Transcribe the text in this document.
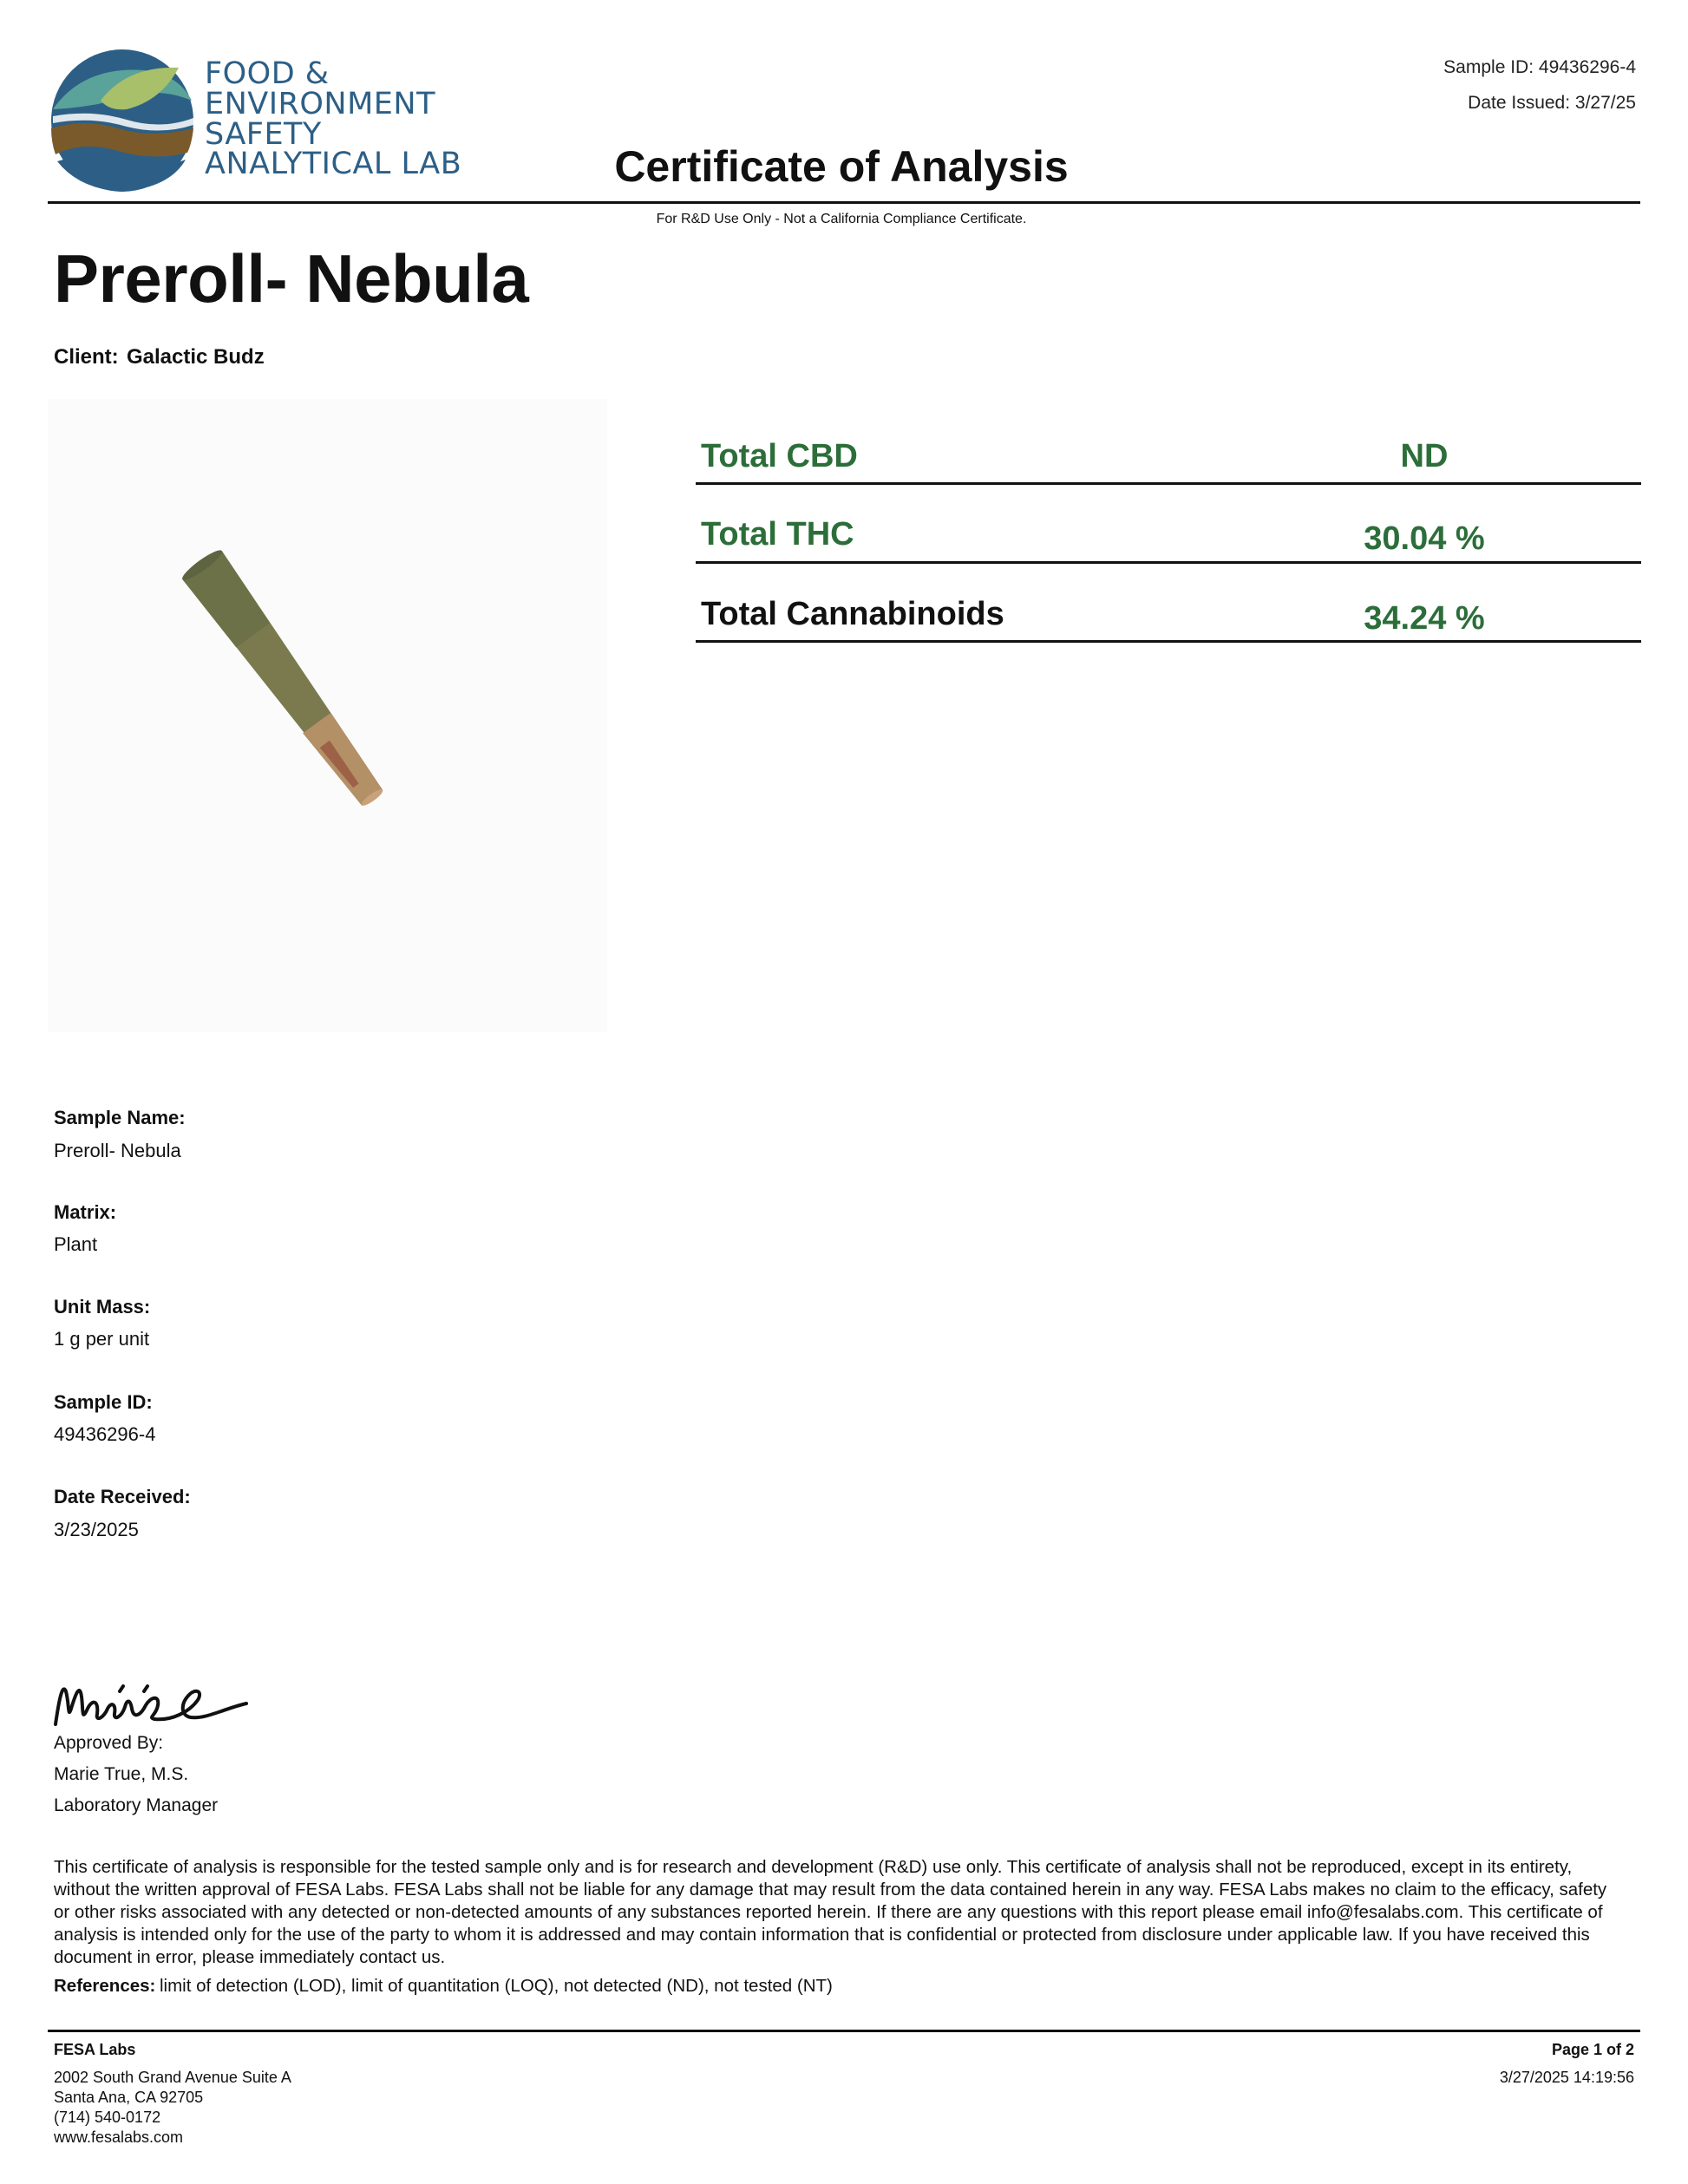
FOOD &
ENVIRONMENT
SAFETY
ANALYTICAL LAB
Sample ID: 49436296-4
Date Issued: 3/27/25
Certificate of Analysis
For R&D Use Only - Not a California Compliance Certificate.
Preroll- Nebula
Client: Galactic Budz
Total CBD	ND
Total THC	30.04 %
Total Cannabinoids	34.24 %
Sample Name:
Preroll- Nebula
Matrix:
Plant
Unit Mass:
1 g per unit
Sample ID:
49436296-4
Date Received:
3/23/2025
Approved By:
Marie True, M.S.
Laboratory Manager
This certificate of analysis is responsible for the tested sample only and is for research and development (R&D) use only. This certificate of analysis shall not be reproduced, except in its entirety, without the written approval of FESA Labs. FESA Labs shall not be liable for any damage that may result from the data contained herein in any way. FESA Labs makes no claim to the efficacy, safety or other risks associated with any detected or non-detected amounts of any substances reported herein. If there are any questions with this report please email info@fesalabs.com. This certificate of analysis is intended only for the use of the party to whom it is addressed and may contain information that is confidential or protected from disclosure under applicable law. If you have received this document in error, please immediately contact us.
References: limit of detection (LOD), limit of quantitation (LOQ), not detected (ND), not tested (NT)
FESA Labs
2002 South Grand Avenue Suite A
Santa Ana, CA 92705
(714) 540-0172
www.fesalabs.com
Page 1 of 2
3/27/2025 14:19:56
